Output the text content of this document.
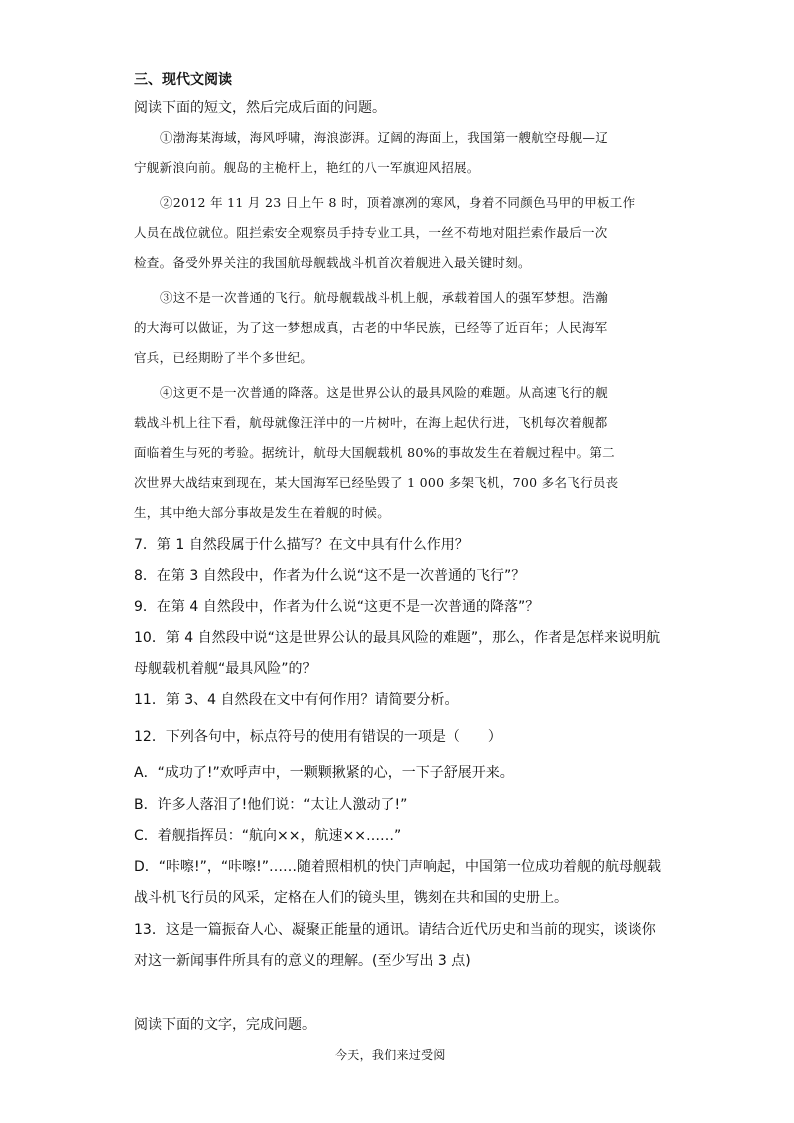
三、现代文阅读
阅读下面的短文，然后完成后面的问题。
①渤海某海域，海风呼啸，海浪澎湃。辽阔的海面上，我国第一艘航空母舰—辽
宁舰新浪向前。舰岛的主桅杆上，艳红的八一军旗迎风招展。
②2012 年 11 月 23 日上午 8 时，顶着凛冽的寒风，身着不同颜色马甲的甲板工作
人员在战位就位。阻拦索安全观察员手持专业工具，一丝不苟地对阻拦索作最后一次
检查。备受外界关注的我国航母舰载战斗机首次着舰进入最关键时刻。
③这不是一次普通的飞行。航母舰载战斗机上舰，承载着国人的强军梦想。浩瀚
的大海可以做证，为了这一梦想成真，古老的中华民族，已经等了近百年；人民海军
官兵，已经期盼了半个多世纪。
④这更不是一次普通的降落。这是世界公认的最具风险的难题。从高速飞行的舰
载战斗机上往下看，航母就像汪洋中的一片树叶，在海上起伏行进，飞机每次着舰都
面临着生与死的考验。据统计，航母大国舰载机 80%的事故发生在着舰过程中。第二
次世界大战结束到现在，某大国海军已经坠毁了 1 000 多架飞机，700 多名飞行员丧
生，其中绝大部分事故是发生在着舰的时候。
7．第 1 自然段属于什么描写？在文中具有什么作用？
8．在第 3 自然段中，作者为什么说“这不是一次普通的飞行”？
9．在第 4 自然段中，作者为什么说“这更不是一次普通的降落”？
10．第 4 自然段中说“这是世界公认的最具风险的难题”，那么，作者是怎样来说明航
母舰载机着舰“最具风险”的？
11．第 3、4 自然段在文中有何作用？请简要分析。
12．下列各句中，标点符号的使用有错误的一项是（　　）
A．“成功了!”欢呼声中，一颗颗揪紧的心，一下子舒展开来。
B．许多人落泪了!他们说：“太让人激动了!”
C．着舰指挥员：“航向××，航速××……”
D．“咔嚓!”，“咔嚓!”……随着照相机的快门声响起，中国第一位成功着舰的航母舰载
战斗机飞行员的风采，定格在人们的镜头里，镌刻在共和国的史册上。
13．这是一篇振奋人心、凝聚正能量的通讯。请结合近代历史和当前的现实，谈谈你
对这一新闻事件所具有的意义的理解。(至少写出 3 点)
阅读下面的文字，完成问题。
今天，我们来过受阅
